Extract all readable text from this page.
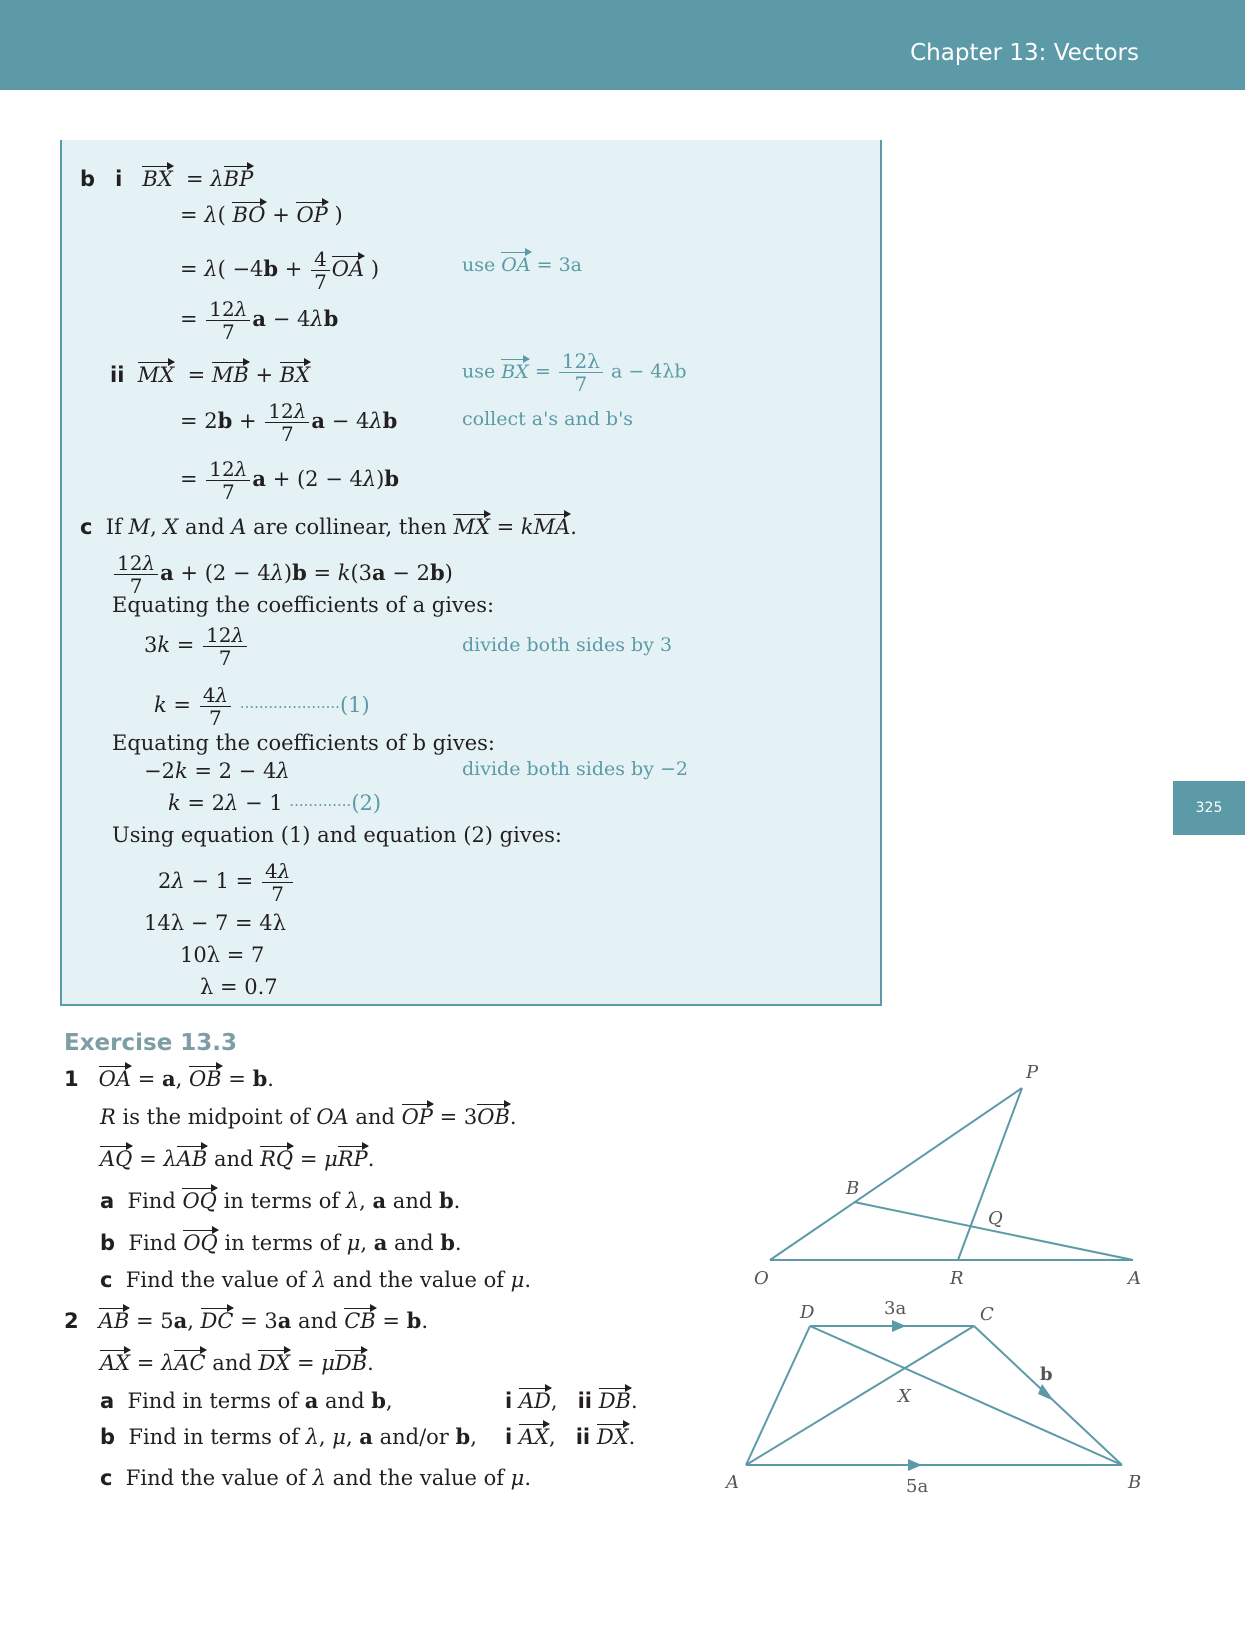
Chapter 13: Vectors
325
b i BX  = λBP
= λ( BO + OP )
= $\lambda( -4b + \frac{4}{7}$ OA )	use OA = 3a
= $\frac{12\lambda}{7}$ a − 4λb
ii MX  = MB + BX	use BX = $\frac{12\lambda}{7}$ a − 4λb
= $2b + \frac{12\lambda}{7}$ a − 4λb	collect a's and b's
= $\frac{12\lambda}{7}$ a + (2 − 4λ)b
c  If M, X and A are collinear, then MX = kMA.
$\frac{12\lambda}{7}$ a + (2 − 4λ)b = k(3a − 2b)
Equating the coefficients of a gives:
$3k = \frac{12\lambda}{7}$	divide both sides by 3
$k = \frac{4\lambda}{7} \cdot\cdot\cdot\cdot\cdot\cdot\cdot\cdot\cdot\cdot\cdot\cdot\cdot\cdot\cdot\cdot\cdot\cdot\cdot\cdot\cdot(1)$
Equating the coefficients of b gives:
−2k = 2 − 4λ	divide both sides by −2
k = 2λ − 1 ·············(2)
Using equation (1) and equation (2) gives:
$2\lambda - 1 = \frac{4\lambda}{7}$
14λ − 7 = 4λ
10λ = 7
λ = 0.7
Exercise 13.3
1 OA = a, OB = b.
R is the midpoint of OA and OP = 3OB.
AQ = λAB and RQ = μRP.
a  Find OQ in terms of λ, a and b.
b  Find OQ in terms of μ, a and b.
c  Find the value of λ and the value of μ.
2 AB = 5a, DC = 3a and CB = b.
AX = λAC and DX = μDB.
a  Find in terms of a and b,	i AD,   ii DB.
b  Find in terms of λ, μ, a and/or b, i AX,   ii DX.
c  Find the value of λ and the value of μ.
P
B
Q
O	R	A
D	3a	C
b
X
A	5a	B
